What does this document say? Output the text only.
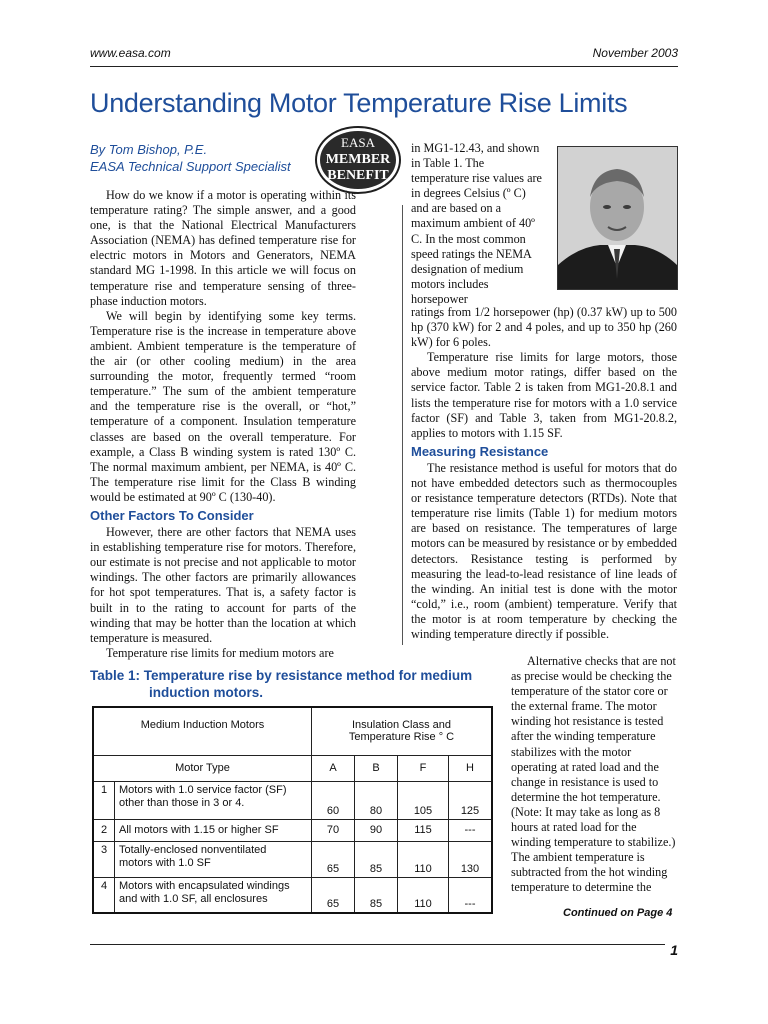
www.easa.com	November 2003
Understanding Motor Temperature Rise Limits
By Tom Bishop, P.E.
EASA Technical Support Specialist
EASA
MEMBER
BENEFIT

How do we know if a motor is operating within its temperature rating? The simple answer, and a good one, is that the National Electrical Manufacturers Association (NEMA) has defined temperature rise for electric motors in Motors and Generators, NEMA standard MG 1-1998. In this article we will focus on temperature rise and temperature sensing of three-phase induction motors.

We will begin by identifying some key terms. Temperature rise is the increase in temperature above ambient. Ambient temperature is the temperature of the air (or other cooling medium) in the area surrounding the motor, frequently termed “room temperature.” The sum of the ambient temperature and the temperature rise is the overall, or “hot,” temperature of a component. Insulation temperature classes are based on the overall temperature. For example, a Class B winding system is rated 130º C. The normal maximum ambient, per NEMA, is 40º C. The temperature rise limit for the Class B winding would be estimated at 90º C (130-40).

Other Factors To Consider

However, there are other factors that NEMA uses in establishing temperature rise for motors. Therefore, our estimate is not precise and not applicable to motor windings. The other factors are primarily allowances for hot spot temperatures. That is, a safety factor is built in to the rating to account for parts of the winding that may be hotter than the location at which temperature is measured.

Temperature rise limits for medium motors are

in MG1-12.43, and shown in Table 1. The temperature rise values are in degrees Celsius (º C) and are based on a maximum ambient of 40º C. In the most common speed ratings the NEMA designation of medium motors includes horsepower

ratings from 1/2 horsepower (hp) (0.37 kW) up to 500 hp (370 kW) for 2 and 4 poles, and up to 350 hp (260 kW) for 6 poles.

Temperature rise limits for large motors, those above medium motor ratings, differ based on the service factor. Table 2 is taken from MG1-20.8.1 and lists the temperature rise for motors with a 1.0 service factor (SF) and Table 3, taken from MG1-20.8.2, applies to motors with 1.15 SF.

Measuring Resistance

The resistance method is useful for motors that do not have embedded detectors such as thermocouples or resistance temperature detectors (RTDs). Note that temperature rise limits (Table 1) for medium motors are based on resistance. The temperatures of large motors can be measured by resistance or by embedded detectors. Resistance testing is performed by measuring the lead-to-lead resistance of line leads of the winding. An initial test is done with the motor “cold,” i.e., room (ambient) temperature. Verify that the motor is at room temperature by checking the winding temperature directly if possible.

Alternative checks that are not as precise would be checking the temperature of the stator core or the external frame. The motor winding hot resistance is tested after the winding temperature stabilizes with the motor operating at rated load and the change in resistance is used to determine the hot temperature. (Note: It may take as long as 8 hours at rated load for the winding temperature to stabilize.) The ambient temperature is subtracted from the hot winding temperature to determine the

Continued on Page 4
Table 1: Temperature rise by resistance method for medium
induction motors.
Medium Induction Motors		Insulation Class and
Temperature Rise ° C			

Motor Type		A	B	F	H
1	Motors with 1.0 service factor (SF)
other than those in 3 or 4.	60	80	105	125
2	All motors with 1.15 or higher SF	70	90	115	---
3	Totally-enclosed nonventilated
motors with 1.0 SF	65	85	110	130
4	Motors with encapsulated windings
and with 1.0 SF, all enclosures	65	85	110	---
1
